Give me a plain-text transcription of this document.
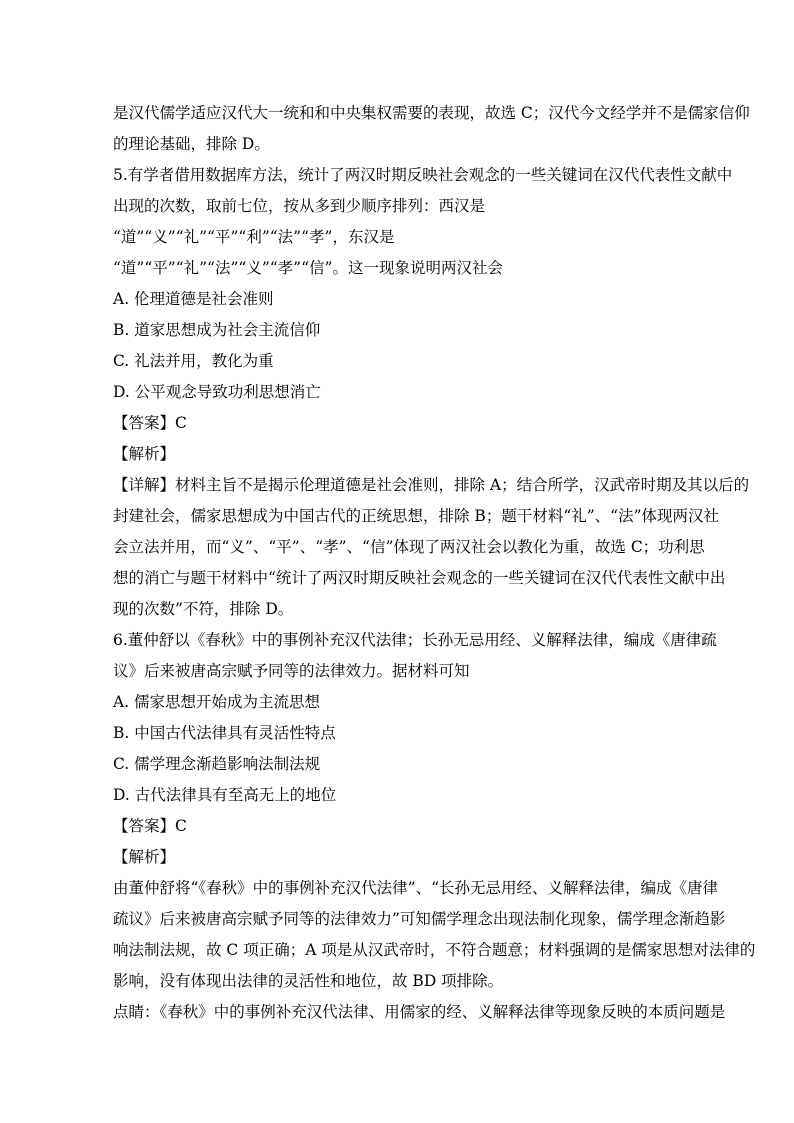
是汉代儒学适应汉代大一统和和中央集权需要的表现，故选 C；汉代今文经学并不是儒家信仰
的理论基础，排除 D。
5.有学者借用数据库方法，统计了两汉时期反映社会观念的一些关键词在汉代代表性文献中
出现的次数，取前七位，按从多到少顺序排列：西汉是
“道”“义”“礼”“平”“利”“法”“孝”，东汉是
“道”“平”“礼”“法”“义”“孝”“信”。这一现象说明两汉社会
A. 伦理道德是社会准则
B. 道家思想成为社会主流信仰
C. 礼法并用，教化为重
D. 公平观念导致功利思想消亡
【答案】C
【解析】
【详解】材料主旨不是揭示伦理道德是社会准则，排除 A；结合所学，汉武帝时期及其以后的
封建社会，儒家思想成为中国古代的正统思想，排除 B；题干材料“礼”、“法”体现两汉社
会立法并用，而“义”、“平”、“孝”、“信”体现了两汉社会以教化为重，故选 C；功利思
想的消亡与题干材料中“统计了两汉时期反映社会观念的一些关键词在汉代代表性文献中出
现的次数”不符，排除 D。
6.董仲舒以《春秋》中的事例补充汉代法律；长孙无忌用经、义解释法律，编成《唐律疏
议》后来被唐高宗赋予同等的法律效力。据材料可知
A. 儒家思想开始成为主流思想
B. 中国古代法律具有灵活性特点
C. 儒学理念渐趋影响法制法规
D. 古代法律具有至高无上的地位
【答案】C
【解析】
由董仲舒将“《春秋》中的事例补充汉代法律”、“长孙无忌用经、义解释法律，编成《唐律
疏议》后来被唐高宗赋予同等的法律效力”可知儒学理念出现法制化现象，儒学理念渐趋影
响法制法规，故 C 项正确；A 项是从汉武帝时，不符合题意；材料强调的是儒家思想对法律的
影响，没有体现出法律的灵活性和地位，故 BD 项排除。
点睛：《春秋》中的事例补充汉代法律、用儒家的经、义解释法律等现象反映的本质问题是
